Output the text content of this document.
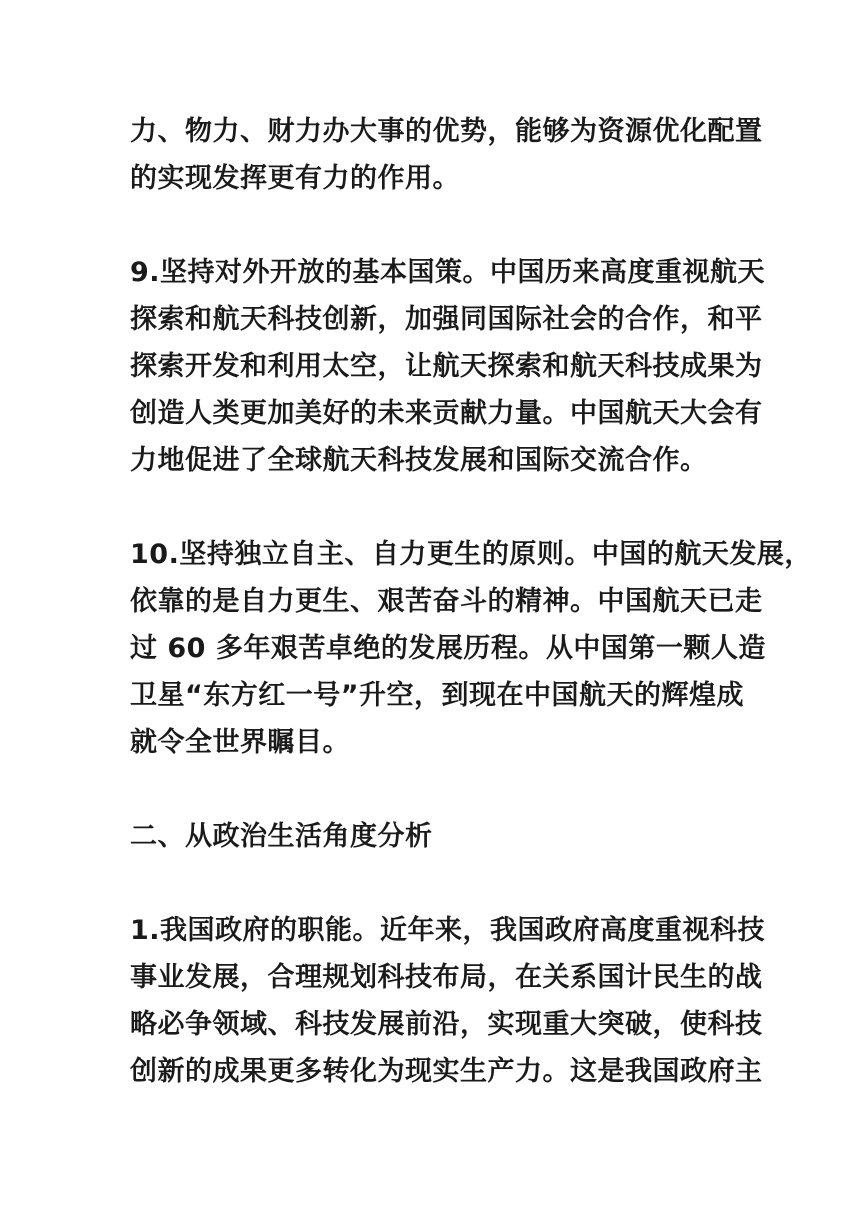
力、物力、财力办大事的优势，能够为资源优化配置
的实现发挥更有力的作用。

9.坚持对外开放的基本国策。中国历来高度重视航天
探索和航天科技创新，加强同国际社会的合作，和平
探索开发和利用太空，让航天探索和航天科技成果为
创造人类更加美好的未来贡献力量。中国航天大会有
力地促进了全球航天科技发展和国际交流合作。

10.坚持独立自主、自力更生的原则。中国的航天发展，
依靠的是自力更生、艰苦奋斗的精神。中国航天已走
过 60 多年艰苦卓绝的发展历程。从中国第一颗人造
卫星“东方红一号”升空，到现在中国航天的辉煌成
就令全世界瞩目。

二、从政治生活角度分析

1.我国政府的职能。近年来，我国政府高度重视科技
事业发展，合理规划科技布局，在关系国计民生的战
略必争领域、科技发展前沿，实现重大突破，使科技
创新的成果更多转化为现实生产力。这是我国政府主
